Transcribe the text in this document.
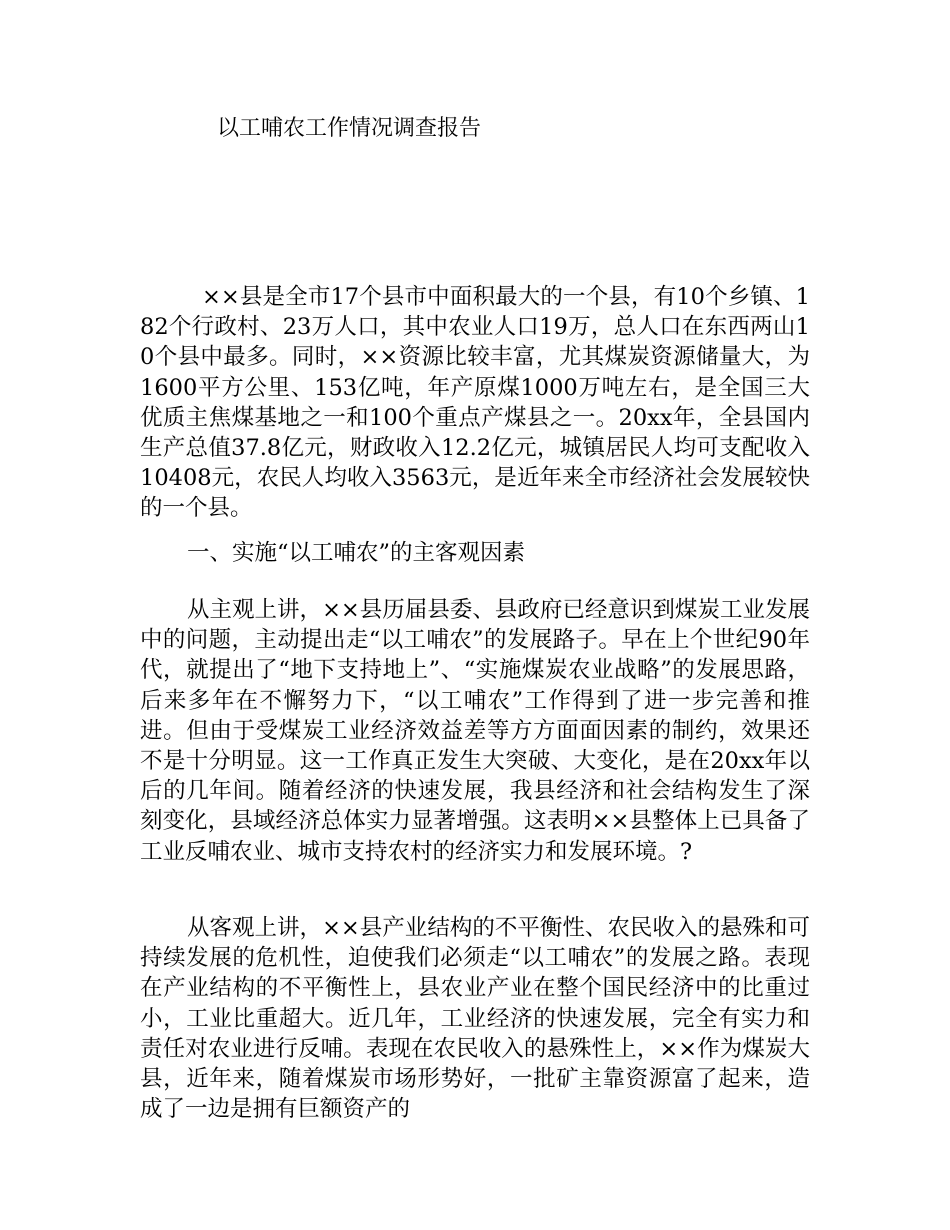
以工哺农工作情况调查报告

××县是全市17个县市中面积最大的一个县，有10个乡镇、182个行政村、23万人口，其中农业人口19万，总人口在东西两山10个县中最多。同时，××资源比较丰富，尤其煤炭资源储量大，为1600平方公里、153亿吨，年产原煤1000万吨左右，是全国三大优质主焦煤基地之一和100个重点产煤县之一。20xx年，全县国内生产总值37.8亿元，财政收入12.2亿元，城镇居民人均可支配收入10408元，农民人均收入3563元，是近年来全市经济社会发展较快的一个县。

一、实施“以工哺农”的主客观因素

从主观上讲，××县历届县委、县政府已经意识到煤炭工业发展中的问题，主动提出走“以工哺农”的发展路子。早在上个世纪90年代，就提出了“地下支持地上”、“实施煤炭农业战略”的发展思路，后来多年在不懈努力下，“以工哺农”工作得到了进一步完善和推进。但由于受煤炭工业经济效益差等方方面面因素的制约，效果还不是十分明显。这一工作真正发生大突破、大变化，是在20xx年以后的几年间。随着经济的快速发展，我县经济和社会结构发生了深刻变化，县域经济总体实力显著增强。这表明××县整体上已具备了工业反哺农业、城市支持农村的经济实力和发展环境。?

从客观上讲，××县产业结构的不平衡性、农民收入的悬殊和可持续发展的危机性，迫使我们必须走“以工哺农”的发展之路。表现在产业结构的不平衡性上，县农业产业在整个国民经济中的比重过小，工业比重超大。近几年，工业经济的快速发展，完全有实力和责任对农业进行反哺。表现在农民收入的悬殊性上，××作为煤炭大县，近年来，随着煤炭市场形势好，一批矿主靠资源富了起来，造成了一边是拥有巨额资产的
